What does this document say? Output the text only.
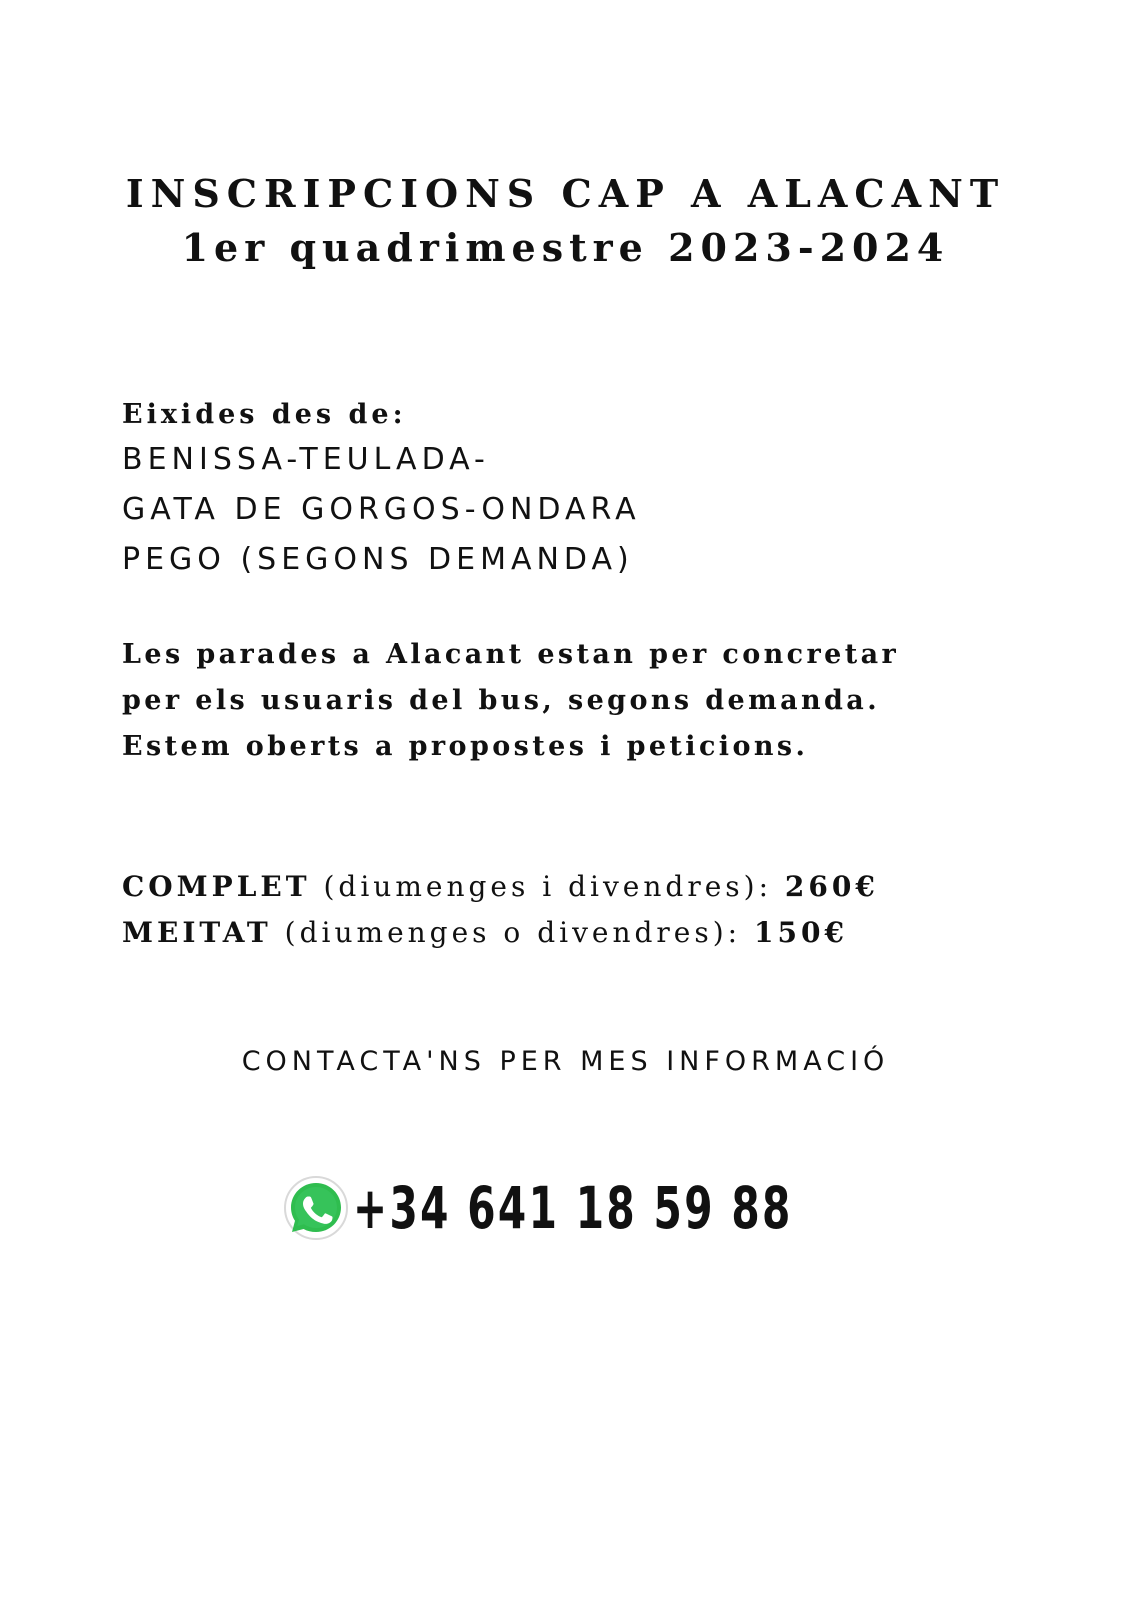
INSCRIPCIONS CAP A ALACANT
1er quadrimestre 2023-2024
Eixides des de:
BENISSA-TEULADA-
GATA DE GORGOS-ONDARA
PEGO (SEGONS DEMANDA)
Les parades a Alacant estan per concretar
per els usuaris del bus, segons demanda.
Estem oberts a propostes i peticions.
COMPLET (diumenges i divendres): 260€
MEITAT (diumenges o divendres): 150€
CONTACTA'NS PER MES INFORMACIÓ
+34 641 18 59 88
